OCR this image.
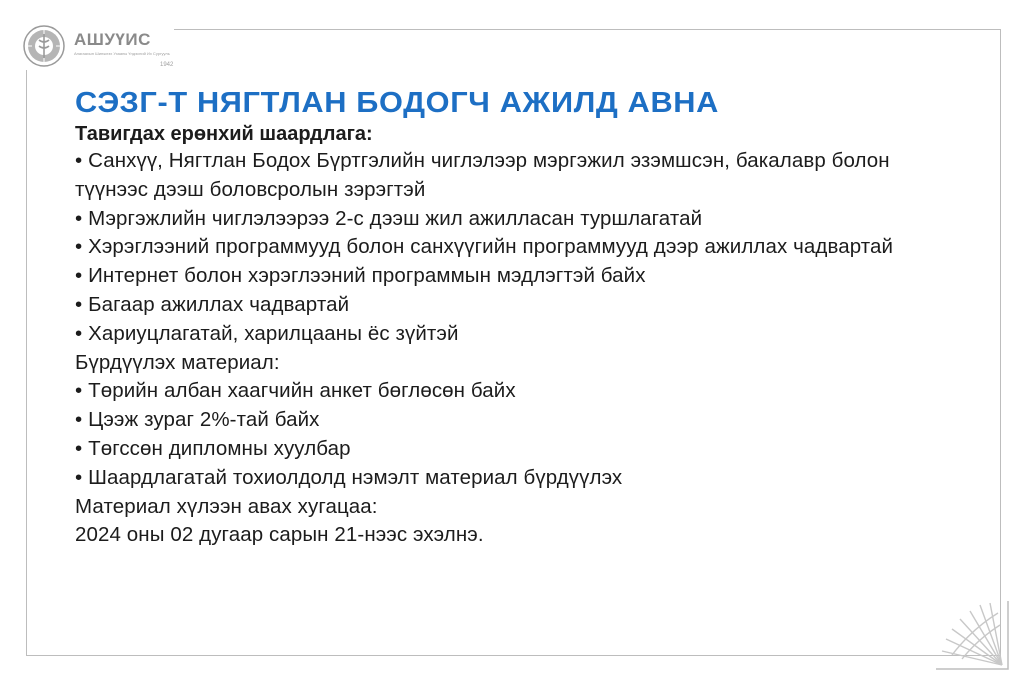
АШУҮИС
Анагаахын Шинжлэх Ухааны Үндэсний Их Сургууль
1942
СЭЗГ-Т НЯГТЛАН БОДОГЧ АЖИЛД АВНА

Тавигдах ерөнхий шаардлага:

• Санхүү, Нягтлан Бодох Бүртгэлийн чиглэлээр мэргэжил эзэмшсэн, бакалавр болон түүнээс дээш боловсролын зэрэгтэй

• Мэргэжлийн чиглэлээрээ 2-с дээш жил ажилласан туршлагатай

• Хэрэглээний программууд болон санхүүгийн программууд дээр ажиллах чадвартай

• Интернет болон хэрэглээний программын мэдлэгтэй байх

• Багаар ажиллах чадвартай

• Хариуцлагатай, харилцааны ёс зүйтэй

Бүрдүүлэх материал:

• Төрийн албан хаагчийн анкет бөглөсөн байх

• Цээж зураг 2%-тай байх

• Төгссөн дипломны хуулбар

• Шаардлагатай тохиолдолд нэмэлт материал бүрдүүлэх

Материал хүлээн авах хугацаа:

2024 оны 02 дугаар сарын 21-нээс эхэлнэ.
